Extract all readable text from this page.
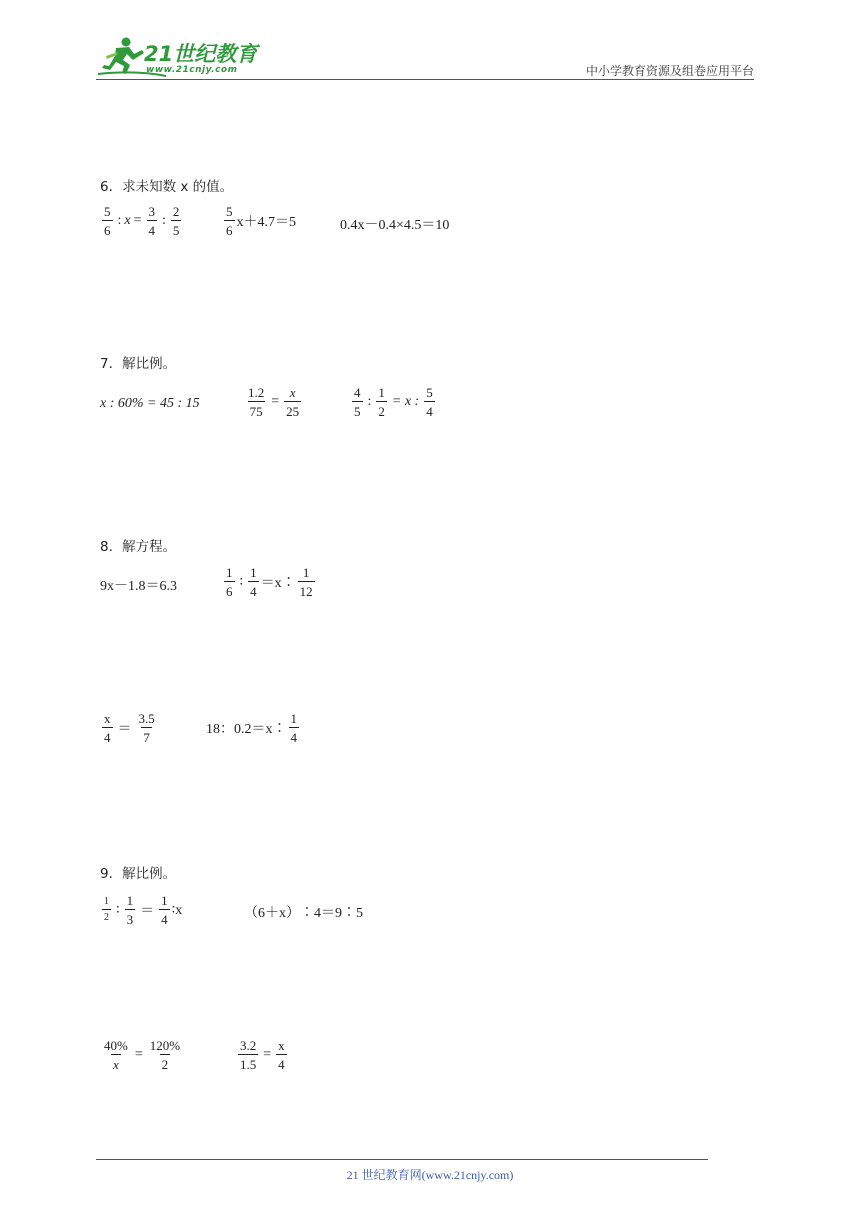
21世纪教育
www.21cnjy.com	中小学教育资源及组卷应用平台
6．求未知数 x 的值。
$\frac{5}{6}$ : $x = \frac{3}{4}$ : $\frac{2}{5}$	$\frac{5}{6} x+4.7=5$	0.4x－0.4×4.5＝10
7．解比例。
x : 60% = 45 : 15	$\frac{1.2}{75} = \frac{x}{25}$	$\frac{4}{5}$ : $\frac{1}{2} = x$ : $\frac{5}{4}$
8．解方程。
9x－1.8＝6.3	$\frac{1}{6}$ ∶ $\frac{1}{4}$ ＝x∶ $\frac{1}{12}$
$\frac{x}{4} = \frac{3.5}{7}$	18：0.2＝x∶ $\frac{1}{4}$
9．解比例。
$\frac{1}{2}$ ∶ $\frac{1}{3} = \frac{1}{4}$ ∶x	（6＋x）∶4＝9∶5
$\frac{40\%}{x} = \frac{120\%}{2}$	$\frac{3.2}{1.5} = \frac{x}{4}$
21 世纪教育网(www.21cnjy.com)
